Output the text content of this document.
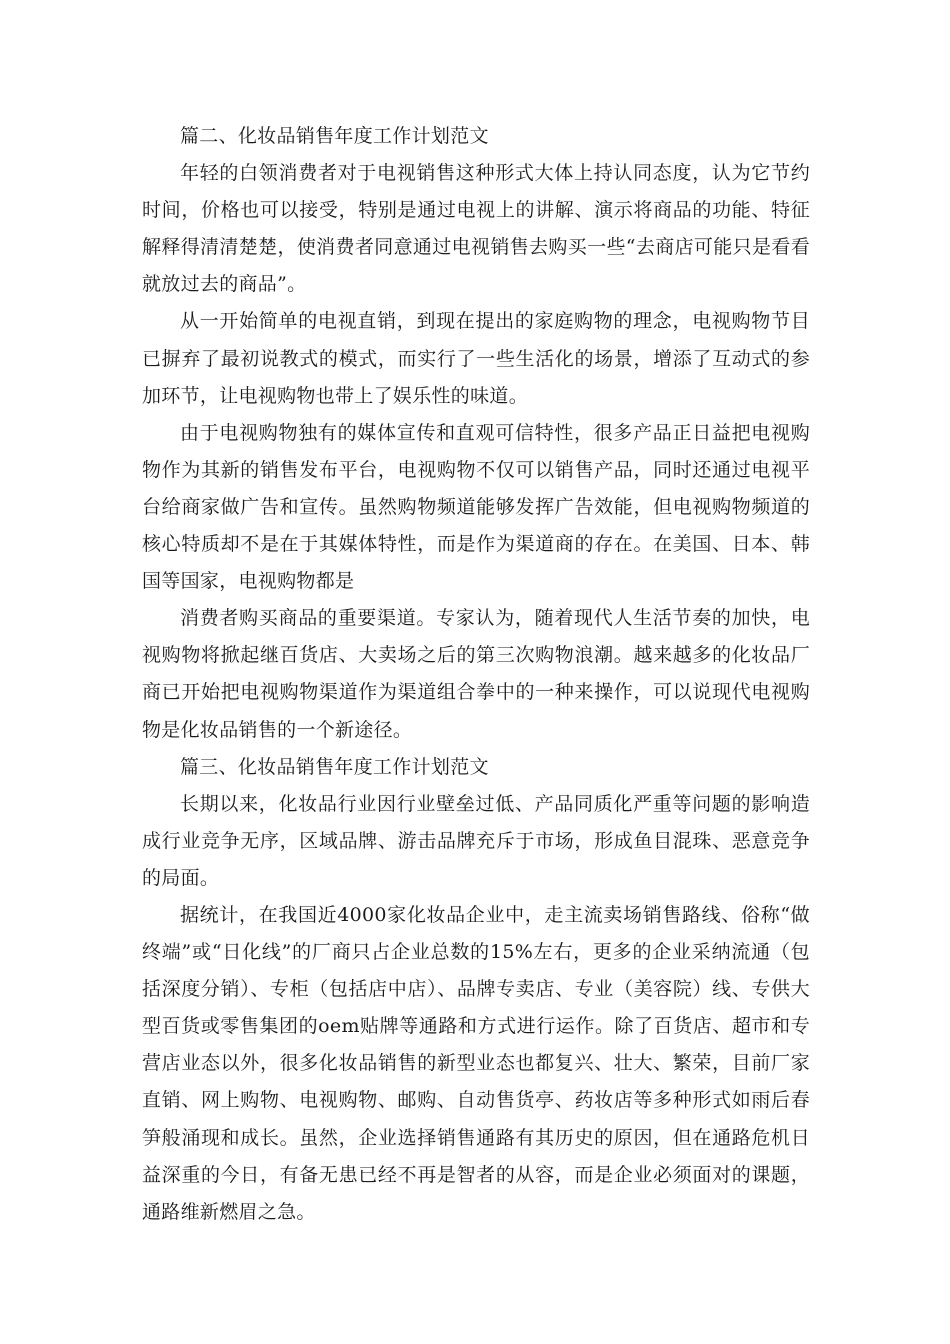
篇二、化妆品销售年度工作计划范文

年轻的白领消费者对于电视销售这种形式大体上持认同态度，认为它节约时间，价格也可以接受，特别是通过电视上的讲解、演示将商品的功能、特征解释得清清楚楚，使消费者同意通过电视销售去购买一些“去商店可能只是看看就放过去的商品”。

从一开始简单的电视直销，到现在提出的家庭购物的理念，电视购物节目已摒弃了最初说教式的模式，而实行了一些生活化的场景，增添了互动式的参加环节，让电视购物也带上了娱乐性的味道。

由于电视购物独有的媒体宣传和直观可信特性，很多产品正日益把电视购物作为其新的销售发布平台，电视购物不仅可以销售产品，同时还通过电视平台给商家做广告和宣传。虽然购物频道能够发挥广告效能，但电视购物频道的核心特质却不是在于其媒体特性，而是作为渠道商的存在。在美国、日本、韩国等国家，电视购物都是

消费者购买商品的重要渠道。专家认为，随着现代人生活节奏的加快，电视购物将掀起继百货店、大卖场之后的第三次购物浪潮。越来越多的化妆品厂商已开始把电视购物渠道作为渠道组合拳中的一种来操作，可以说现代电视购物是化妆品销售的一个新途径。

篇三、化妆品销售年度工作计划范文

长期以来，化妆品行业因行业壁垒过低、产品同质化严重等问题的影响造成行业竞争无序，区域品牌、游击品牌充斥于市场，形成鱼目混珠、恶意竞争的局面。

据统计，在我国近4000家化妆品企业中，走主流卖场销售路线、俗称“做终端”或“日化线”的厂商只占企业总数的15%左右，更多的企业采纳流通（包括深度分销）、专柜（包括店中店）、品牌专卖店、专业（美容院）线、专供大型百货或零售集团的oem贴牌等通路和方式进行运作。除了百货店、超市和专营店业态以外，很多化妆品销售的新型业态也都复兴、壮大、繁荣，目前厂家直销、网上购物、电视购物、邮购、自动售货亭、药妆店等多种形式如雨后春笋般涌现和成长。虽然，企业选择销售通路有其历史的原因，但在通路危机日益深重的今日，有备无患已经不再是智者的从容，而是企业必须面对的课题，通路维新燃眉之急。
